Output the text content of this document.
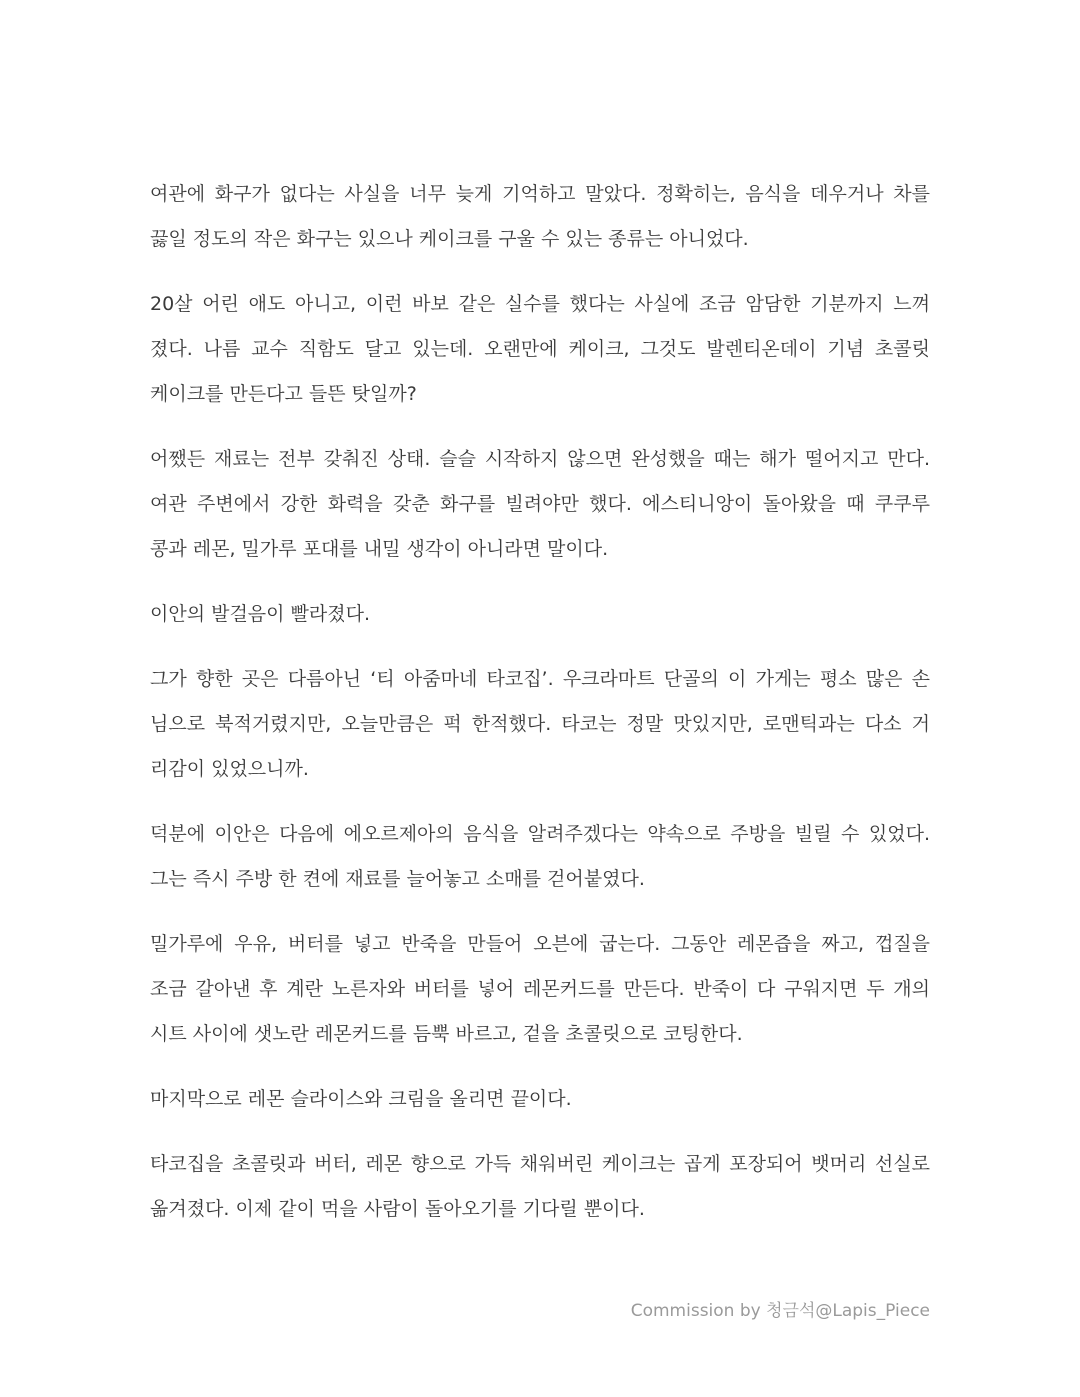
여관에 화구가 없다는 사실을 너무 늦게 기억하고 말았다. 정확히는, 음식을 데우거나 차를
끓일 정도의 작은 화구는 있으나 케이크를 구울 수 있는 종류는 아니었다.
20살 어린 애도 아니고, 이런 바보 같은 실수를 했다는 사실에 조금 암담한 기분까지 느껴
졌다. 나름 교수 직함도 달고 있는데. 오랜만에 케이크, 그것도 발렌티온데이 기념 초콜릿
케이크를 만든다고 들뜬 탓일까?
어쨌든 재료는 전부 갖춰진 상태. 슬슬 시작하지 않으면 완성했을 때는 해가 떨어지고 만다.
여관 주변에서 강한 화력을 갖춘 화구를 빌려야만 했다. 에스티니앙이 돌아왔을 때 쿠쿠루
콩과 레몬, 밀가루 포대를 내밀 생각이 아니라면 말이다.
이안의 발걸음이 빨라졌다.
그가 향한 곳은 다름아닌 ‘티 아줌마네 타코집’. 우크라마트 단골의 이 가게는 평소 많은 손
님으로 북적거렸지만, 오늘만큼은 퍽 한적했다. 타코는 정말 맛있지만, 로맨틱과는 다소 거
리감이 있었으니까.
덕분에 이안은 다음에 에오르제아의 음식을 알려주겠다는 약속으로 주방을 빌릴 수 있었다.
그는 즉시 주방 한 켠에 재료를 늘어놓고 소매를 걷어붙였다.
밀가루에 우유, 버터를 넣고 반죽을 만들어 오븐에 굽는다. 그동안 레몬즙을 짜고, 껍질을
조금 갈아낸 후 계란 노른자와 버터를 넣어 레몬커드를 만든다. 반죽이 다 구워지면 두 개의
시트 사이에 샛노란 레몬커드를 듬뿍 바르고, 겉을 초콜릿으로 코팅한다.
마지막으로 레몬 슬라이스와 크림을 올리면 끝이다.
타코집을 초콜릿과 버터, 레몬 향으로 가득 채워버린 케이크는 곱게 포장되어 뱃머리 선실로
옮겨졌다. 이제 같이 먹을 사람이 돌아오기를 기다릴 뿐이다.
Commission by 청금석@Lapis_Piece
